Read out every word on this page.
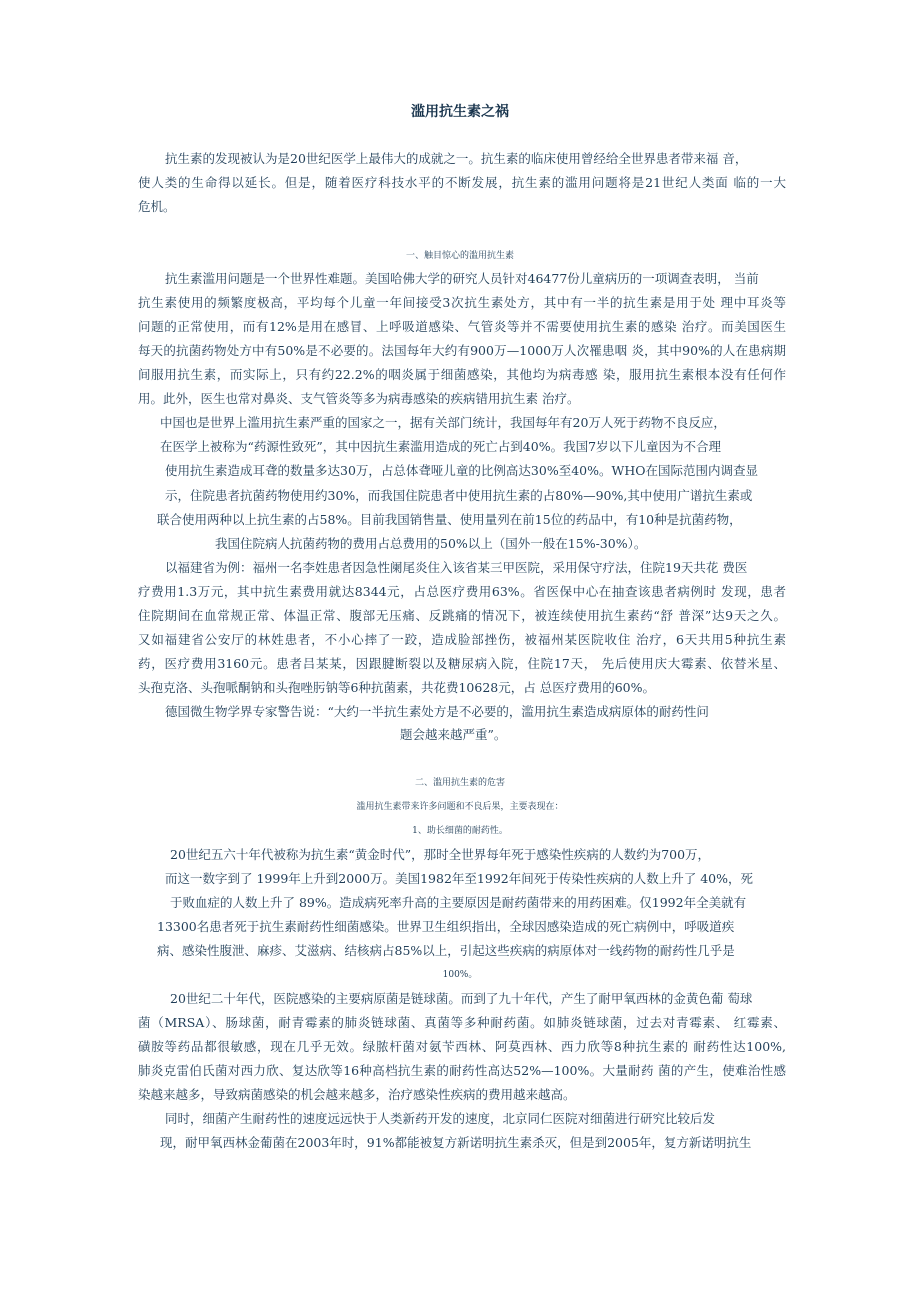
滥用抗生素之祸
抗生素的发现被认为是20世纪医学上最伟大的成就之一。抗生素的临床使用曾经给全世界患者带来福 音，
使人类的生命得以延长。但是，随着医疗科技水平的不断发展，抗生素的滥用问题将是21世纪人类面 临的一大
危机。
一、触目惊心的滥用抗生素
抗生素滥用问题是一个世界性难题。美国哈佛大学的研究人员针对46477份儿童病历的一项调查表明， 当前
抗生素使用的频繁度极高，平均每个儿童一年间接受3次抗生素处方，其中有一半的抗生素是用于处 理中耳炎等
问题的正常使用，而有12%是用在感冒、上呼吸道感染、气管炎等并不需要使用抗生素的感染 治疗。而美国医生
每天的抗菌药物处方中有50%是不必要的。法国每年大约有900万—1000万人次罹患咽 炎，其中90%的人在患病期
间服用抗生素，而实际上，只有约22.2%的咽炎属于细菌感染，其他均为病毒感 染，服用抗生素根本没有任何作
用。此外，医生也常对鼻炎、支气管炎等多为病毒感染的疾病错用抗生素 治疗。
中国也是世界上滥用抗生素严重的国家之一，据有关部门统计，我国每年有20万人死于药物不良反应，
在医学上被称为“药源性致死”，其中因抗生素滥用造成的死亡占到40%。我国7岁以下儿童因为不合理
使用抗生素造成耳聋的数量多达30万，占总体聋哑儿童的比例高达30%至40%。WHO在国际范围内调查显
示，住院患者抗菌药物使用约30%，而我国住院患者中使用抗生素的占80%—90%,其中使用广谱抗生素或
联合使用两种以上抗生素的占58%。目前我国销售量、使用量列在前15位的药品中，有10种是抗菌药物，
我国住院病人抗菌药物的费用占总费用的50%以上（国外一般在15%-30%）。
以福建省为例：福州一名李姓患者因急性阑尾炎住入该省某三甲医院，采用保守疗法，住院19天共花 费医
疗费用1.3万元，其中抗生素费用就达8344元，占总医疗费用63%。省医保中心在抽查该患者病例时 发现，患者
住院期间在血常规正常、体温正常、腹部无压痛、反跳痛的情况下，被连续使用抗生素药“舒 普深”达9天之久。
又如福建省公安厅的林姓患者，不小心摔了一跤，造成脸部挫伤，被福州某医院收住 治疗，6天共用5种抗生素
药，医疗费用3160元。患者吕某某，因跟腱断裂以及糖尿病入院，住院17天， 先后使用庆大霉素、依替米星、
头孢克洛、头孢哌酮钠和头孢唑肟钠等6种抗菌素，共花费10628元，占 总医疗费用的60%。
德国微生物学界专家警告说：“大约一半抗生素处方是不必要的，滥用抗生素造成病原体的耐药性问
题会越来越严重”。
二、滥用抗生素的危害
滥用抗生素带来许多问题和不良后果，主要表现在：
1、助长细菌的耐药性。
20世纪五六十年代被称为抗生素“黄金时代”，那时全世界每年死于感染性疾病的人数约为700万，
而这一数字到了 1999年上升到2000万。美国1982年至1992年间死于传染性疾病的人数上升了 40%，死
于败血症的人数上升了 89%。造成病死率升高的主要原因是耐药菌带来的用药困难。仅1992年全美就有
13300名患者死于抗生素耐药性细菌感染。世界卫生组织指出，全球因感染造成的死亡病例中，呼吸道疾
病、感染性腹泄、麻疹、艾滋病、结核病占85%以上，引起这些疾病的病原体对一线药物的耐药性几乎是
100%。
20世纪二十年代，医院感染的主要病原菌是链球菌。而到了九十年代，产生了耐甲氧西林的金黄色葡 萄球
菌（MRSA）、肠球菌，耐青霉素的肺炎链球菌、真菌等多种耐药菌。如肺炎链球菌，过去对青霉素、 红霉素、
磺胺等药品都很敏感，现在几乎无效。绿脓杆菌对氨苄西林、阿莫西林、西力欣等8种抗生素的 耐药性达100%,
肺炎克雷伯氏菌对西力欣、复达欣等16种高档抗生素的耐药性高达52%—100%。大量耐药 菌的产生，使难治性感
染越来越多，导致病菌感染的机会越来越多，治疗感染性疾病的费用越来越高。
同时，细菌产生耐药性的速度远远快于人类新药开发的速度，北京同仁医院对细菌进行研究比较后发
现，耐甲氧西林金葡菌在2003年时，91%都能被复方新诺明抗生素杀灭，但是到2005年，复方新诺明抗生
